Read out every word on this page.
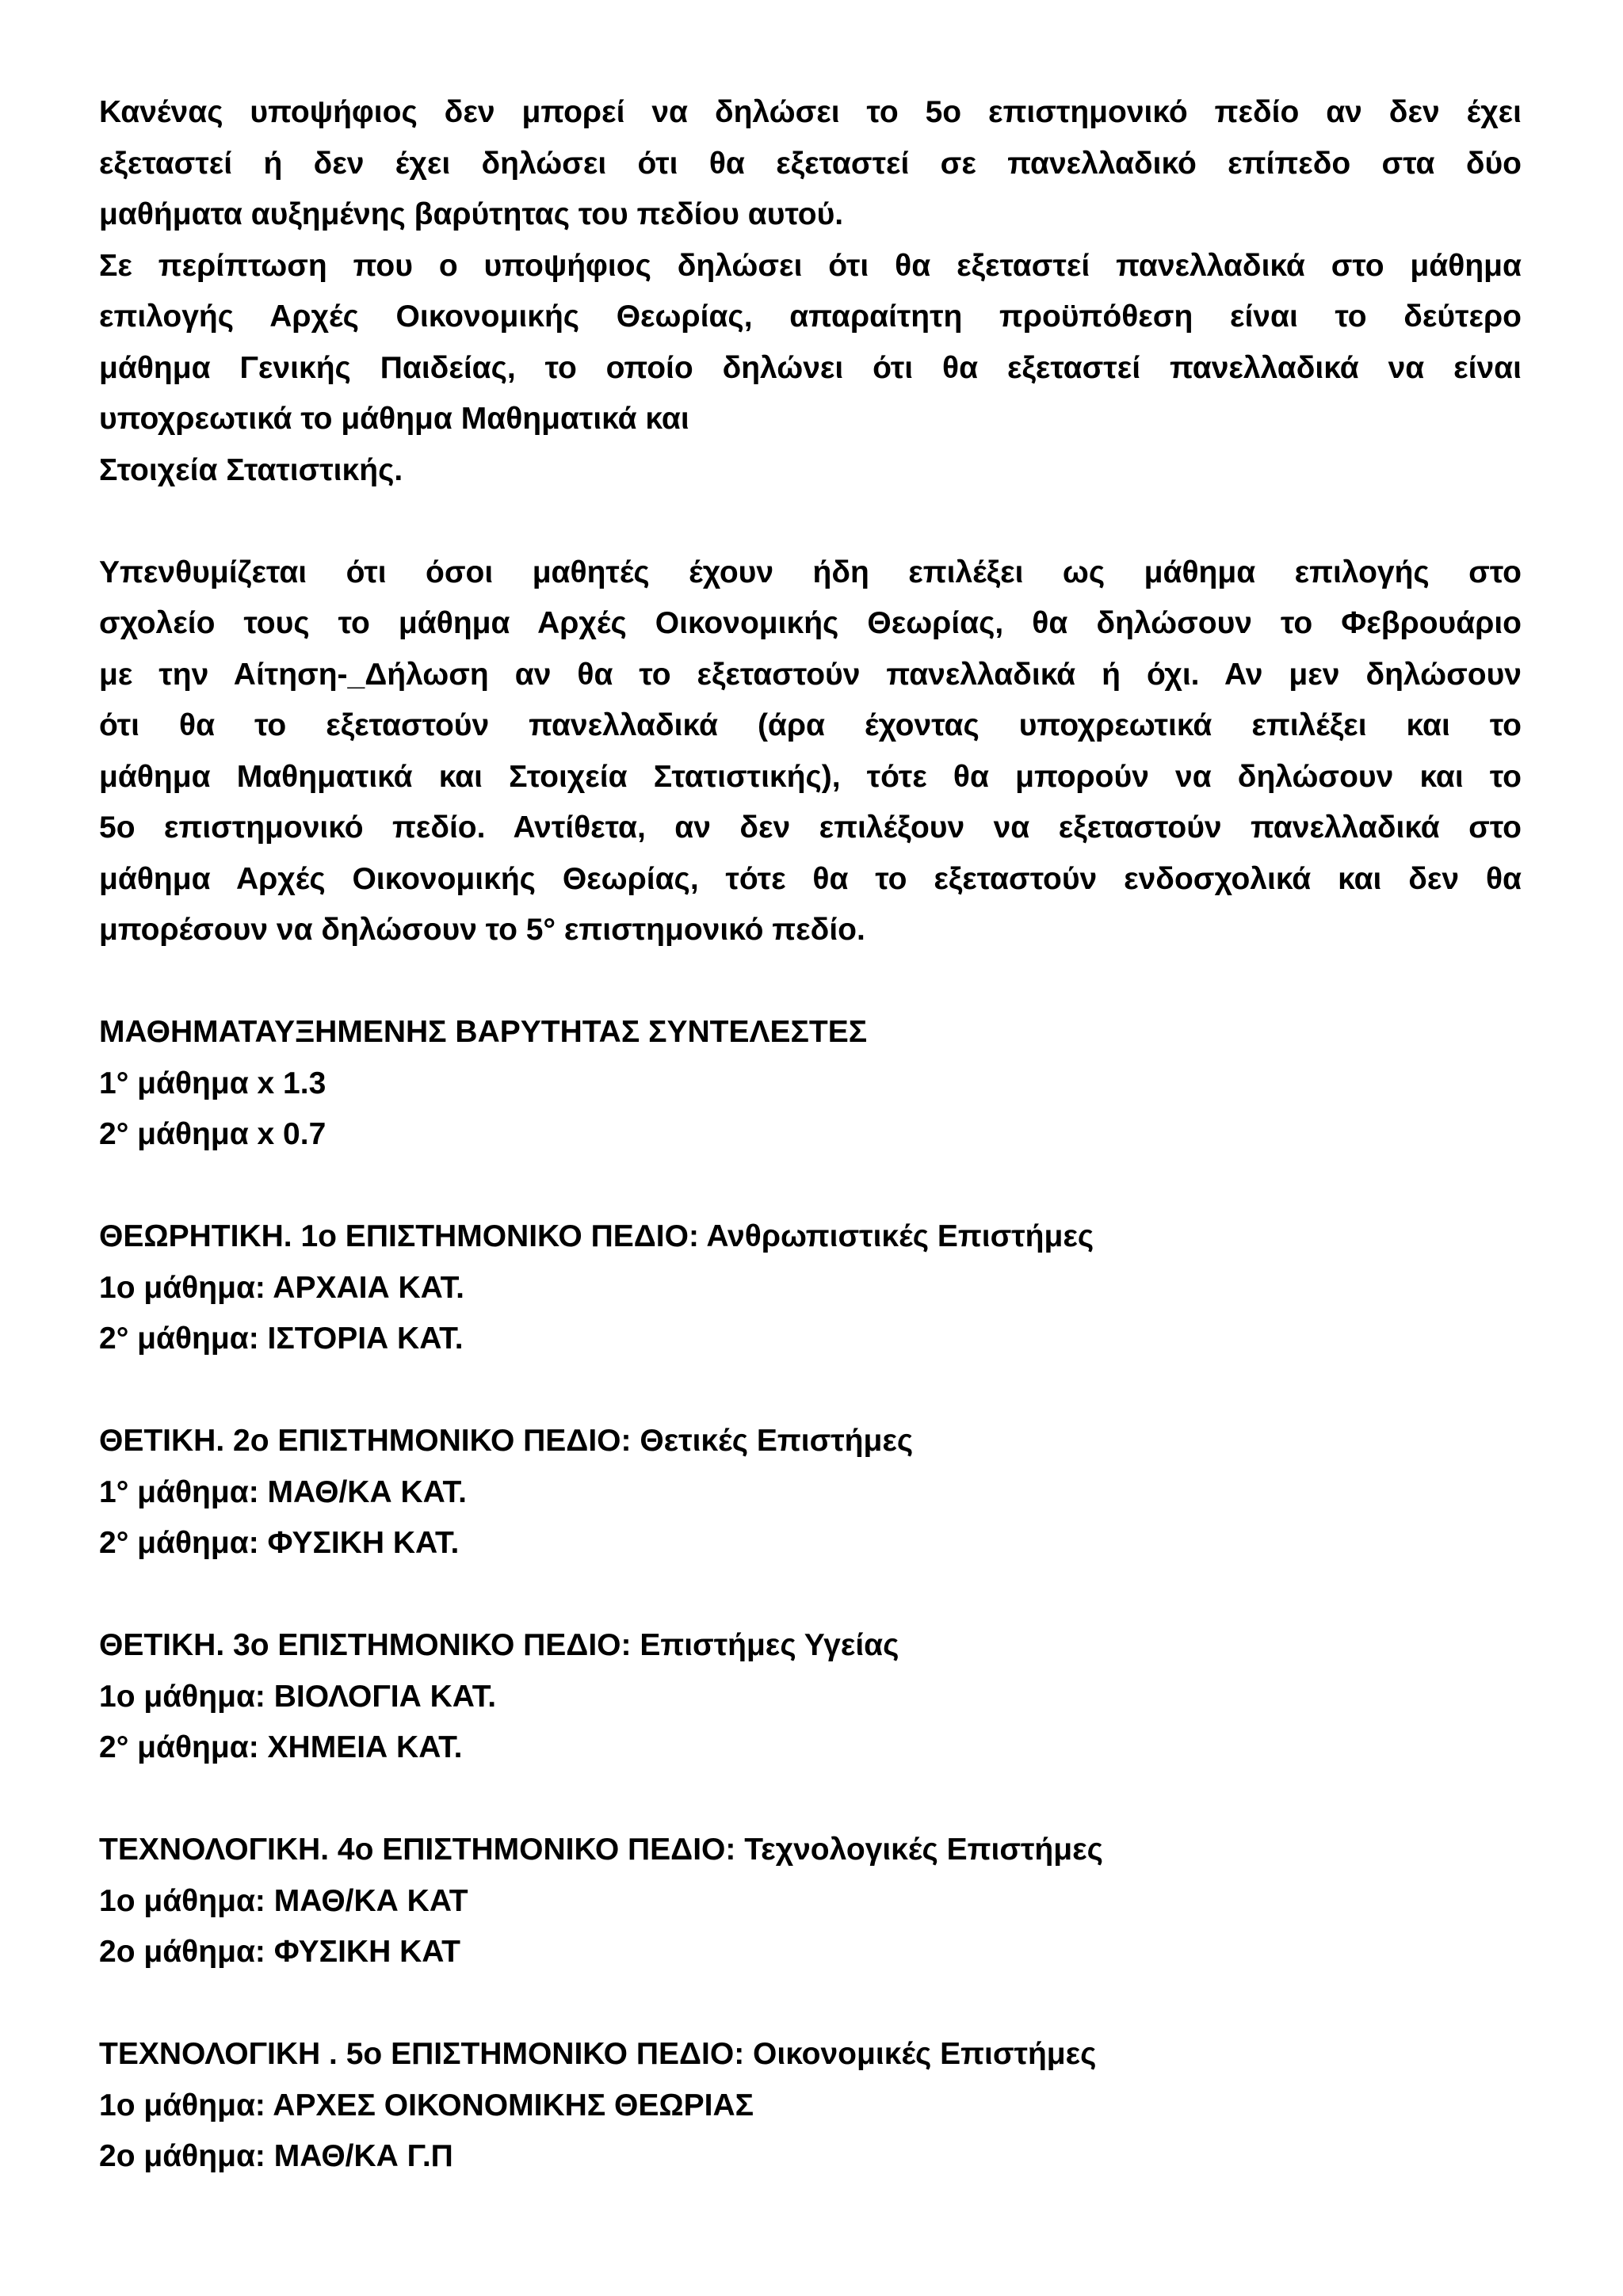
Κανένας υποψήφιος δεν μπορεί να δηλώσει το 5ο επιστημονικό πεδίο αν δεν έχει
εξεταστεί ή δεν έχει δηλώσει ότι θα εξεταστεί σε πανελλαδικό επίπεδο στα δύο
μαθήματα αυξημένης βαρύτητας του πεδίου αυτού.
Σε περίπτωση που ο υποψήφιος δηλώσει ότι θα εξεταστεί πανελλαδικά στο μάθημα
επιλογής Αρχές Οικονομικής Θεωρίας, απαραίτητη προϋπόθεση είναι το δεύτερο
μάθημα Γενικής Παιδείας, το οποίο δηλώνει ότι θα εξεταστεί πανελλαδικά να είναι
υποχρεωτικά το μάθημα Μαθηματικά και
Στοιχεία Στατιστικής.
Υπενθυμίζεται ότι όσοι μαθητές έχουν ήδη επιλέξει ως μάθημα επιλογής στο
σχολείο τους το μάθημα Αρχές Οικονομικής Θεωρίας, θα δηλώσουν το Φεβρουάριο
με την Αίτηση-_Δήλωση αν θα το εξεταστούν πανελλαδικά ή όχι. Αν μεν δηλώσουν
ότι θα το εξεταστούν πανελλαδικά (άρα έχοντας υποχρεωτικά επιλέξει και το
μάθημα Μαθηματικά και Στοιχεία Στατιστικής), τότε θα μπορούν να δηλώσουν και το
5ο επιστημονικό πεδίο. Αντίθετα, αν δεν επιλέξουν να εξεταστούν πανελλαδικά στο
μάθημα Αρχές Οικονομικής Θεωρίας, τότε θα το εξεταστούν ενδοσχολικά και δεν θα
μπορέσουν να δηλώσουν το 5° επιστημονικό πεδίο.
ΜΑΘΗΜΑΤΑΥΞΗΜΕΝΗΣ ΒΑΡΥΤΗΤΑΣ ΣΥΝΤΕΛΕΣΤΕΣ
1° μάθημα x 1.3
2° μάθημα x 0.7
ΘΕΩΡΗΤΙΚΗ. 1ο ΕΠΙΣΤΗΜΟΝΙΚΟ ΠΕΔΙΟ: Ανθρωπιστικές Επιστήμες
1ο μάθημα: ΑΡΧΑΙΑ ΚΑΤ.
2° μάθημα: ΙΣΤΟΡΙΑ ΚΑΤ.
ΘΕΤΙΚΗ. 2ο ΕΠΙΣΤΗΜΟΝΙΚΟ ΠΕΔΙΟ: Θετικές Επιστήμες
1° μάθημα: ΜΑΘ/ΚΑ ΚΑΤ.
2° μάθημα: ΦΥΣΙΚΗ ΚΑΤ.
ΘΕΤΙΚΗ. 3ο ΕΠΙΣΤΗΜΟΝΙΚΟ ΠΕΔΙΟ: Επιστήμες Υγείας
1ο μάθημα: ΒΙΟΛΟΓΙΑ ΚΑΤ.
2° μάθημα: ΧΗΜΕΙΑ ΚΑΤ.
ΤΕΧΝΟΛΟΓΙΚΗ. 4ο ΕΠΙΣΤΗΜΟΝΙΚΟ ΠΕΔΙΟ: Τεχνολογικές Επιστήμες
1ο μάθημα: ΜΑΘ/ΚΑ ΚΑΤ
2ο μάθημα: ΦΥΣΙΚΗ ΚΑΤ
ΤΕΧΝΟΛΟΓΙΚΗ . 5ο ΕΠΙΣΤΗΜΟΝΙΚΟ ΠΕΔΙΟ: Οικονομικές Επιστήμες
1ο μάθημα: ΑΡΧΕΣ ΟΙΚΟΝΟΜΙΚΗΣ ΘΕΩΡΙΑΣ
2ο μάθημα: ΜΑΘ/ΚΑ Γ.Π
